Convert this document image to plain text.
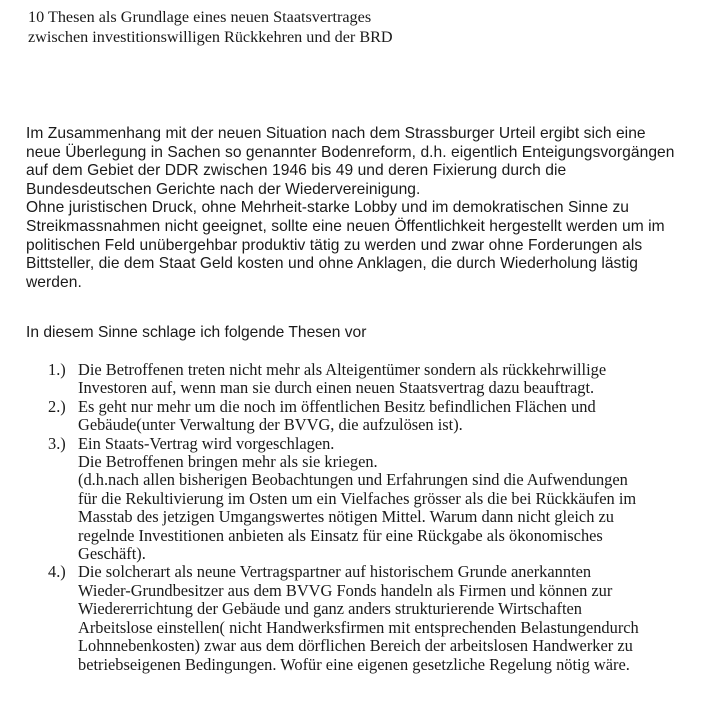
10 Thesen als Grundlage eines neuen Staatsvertrages
zwischen investitionswilligen Rückkehren und der BRD
Im Zusammenhang mit der neuen Situation nach dem Strassburger Urteil ergibt sich eine
neue Überlegung in Sachen so genannter Bodenreform, d.h. eigentlich Enteigungsvorgängen
auf dem Gebiet der DDR zwischen 1946 bis 49 und deren Fixierung durch die
Bundesdeutschen Gerichte nach der Wiedervereinigung.
Ohne juristischen Druck, ohne Mehrheit-starke Lobby und im demokratischen Sinne zu
Streikmassnahmen nicht geeignet, sollte eine neuen Öffentlichkeit hergestellt werden um im
politischen Feld unübergehbar produktiv tätig zu werden und zwar ohne Forderungen als
Bittsteller, die dem Staat Geld kosten und ohne Anklagen, die durch Wiederholung lästig
werden.
In diesem Sinne schlage ich folgende Thesen vor
1.) Die Betroffenen treten nicht mehr als Alteigentümer sondern als rückkehrwillige
Investoren auf, wenn man sie durch einen neuen Staatsvertrag dazu beauftragt.
2.) Es geht nur mehr um die noch im öffentlichen Besitz befindlichen Flächen und
Gebäude(unter Verwaltung der BVVG, die aufzulösen ist).
3.) Ein Staats-Vertrag wird vorgeschlagen.
Die Betroffenen bringen mehr als sie kriegen.
(d.h.nach allen bisherigen Beobachtungen und Erfahrungen sind die Aufwendungen
für die Rekultivierung im Osten um ein Vielfaches grösser als die bei Rückkäufen im
Masstab des jetzigen Umgangswertes nötigen Mittel. Warum dann nicht gleich zu
regelnde Investitionen anbieten als Einsatz für eine Rückgabe als ökonomisches
Geschäft).
4.) Die solcherart als neune Vertragspartner auf historischem Grunde anerkannten
Wieder-Grundbesitzer aus dem BVVG Fonds handeln als Firmen und können zur
Wiedererrichtung der Gebäude und ganz anders strukturierende Wirtschaften
Arbeitslose einstellen( nicht Handwerksfirmen mit entsprechenden Belastungendurch
Lohnnebenkosten) zwar aus dem dörflichen Bereich der arbeitslosen Handwerker zu
betriebseigenen Bedingungen. Wofür eine eigenen gesetzliche Regelung nötig wäre.
